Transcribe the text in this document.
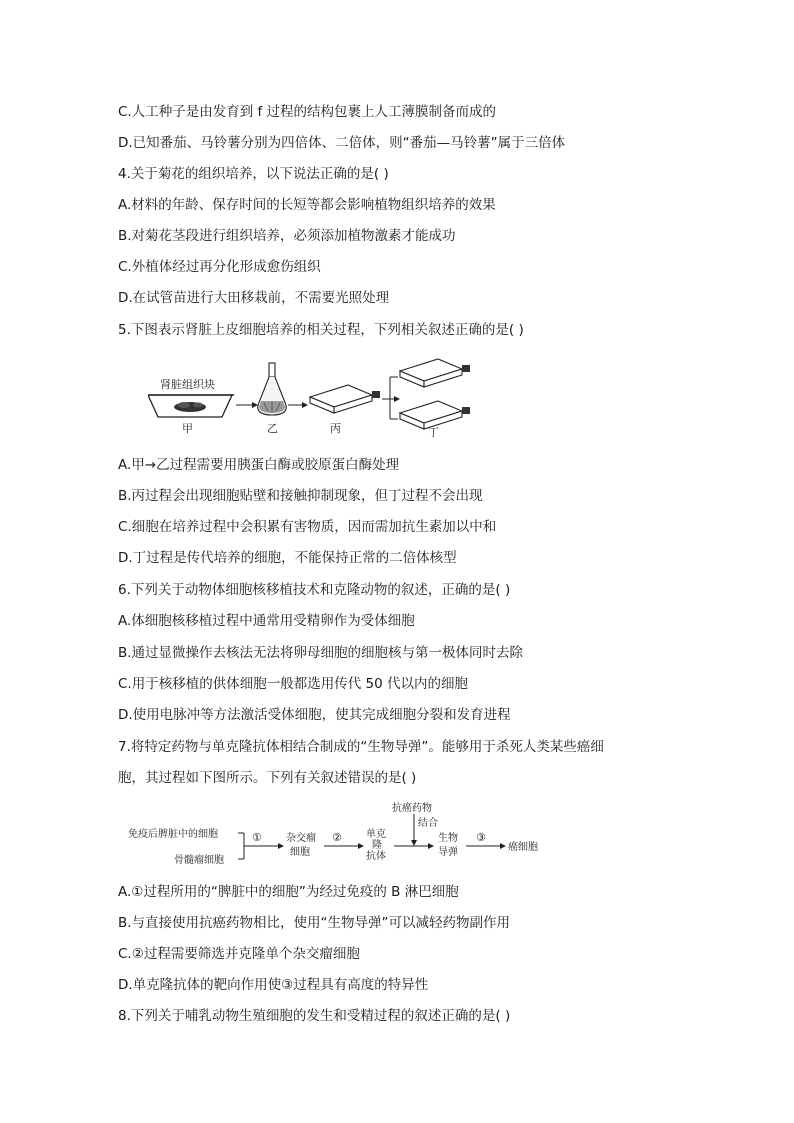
C.人工种子是由发育到 f 过程的结构包裹上人工薄膜制备而成的
D.已知番茄、马铃薯分别为四倍体、二倍体，则“番茄—马铃薯”属于三倍体
4.关于菊花的组织培养，以下说法正确的是( )
A.材料的年龄、保存时间的长短等都会影响植物组织培养的效果
B.对菊花茎段进行组织培养，必须添加植物激素才能成功
C.外植体经过再分化形成愈伤组织
D.在试管苗进行大田移栽前，不需要光照处理
5.下图表示肾脏上皮细胞培养的相关过程，下列相关叙述正确的是( )
肾脏组织块
甲	乙	丙	丁
A.甲→乙过程需要用胰蛋白酶或胶原蛋白酶处理
B.丙过程会出现细胞贴壁和接触抑制现象，但丁过程不会出现
C.细胞在培养过程中会积累有害物质，因而需加抗生素加以中和
D.丁过程是传代培养的细胞，不能保持正常的二倍体核型
6.下列关于动物体细胞核移植技术和克隆动物的叙述，正确的是( )
A.体细胞核移植过程中通常用受精卵作为受体细胞
B.通过显微操作去核法无法将卵母细胞的细胞核与第一极体同时去除
C.用于核移植的供体细胞一般都选用传代 50 代以内的细胞
D.使用电脉冲等方法激活受体细胞，使其完成细胞分裂和发育进程
7.将特定药物与单克隆抗体相结合制成的“生物导弹”。能够用于杀死人类某些癌细
胞，其过程如下图所示。下列有关叙述错误的是( )
免疫后脾脏中的细胞
骨髓瘤细胞
① 杂交瘤
细胞
② 单克
隆
抗体
抗癌药物
结合
生物
导弹
③
癌细胞
A.①过程所用的“脾脏中的细胞”为经过免疫的 B 淋巴细胞
B.与直接使用抗癌药物相比，使用“生物导弹”可以减轻药物副作用
C.②过程需要筛选并克隆单个杂交瘤细胞
D.单克隆抗体的靶向作用使③过程具有高度的特异性
8.下列关于哺乳动物生殖细胞的发生和受精过程的叙述正确的是( )
